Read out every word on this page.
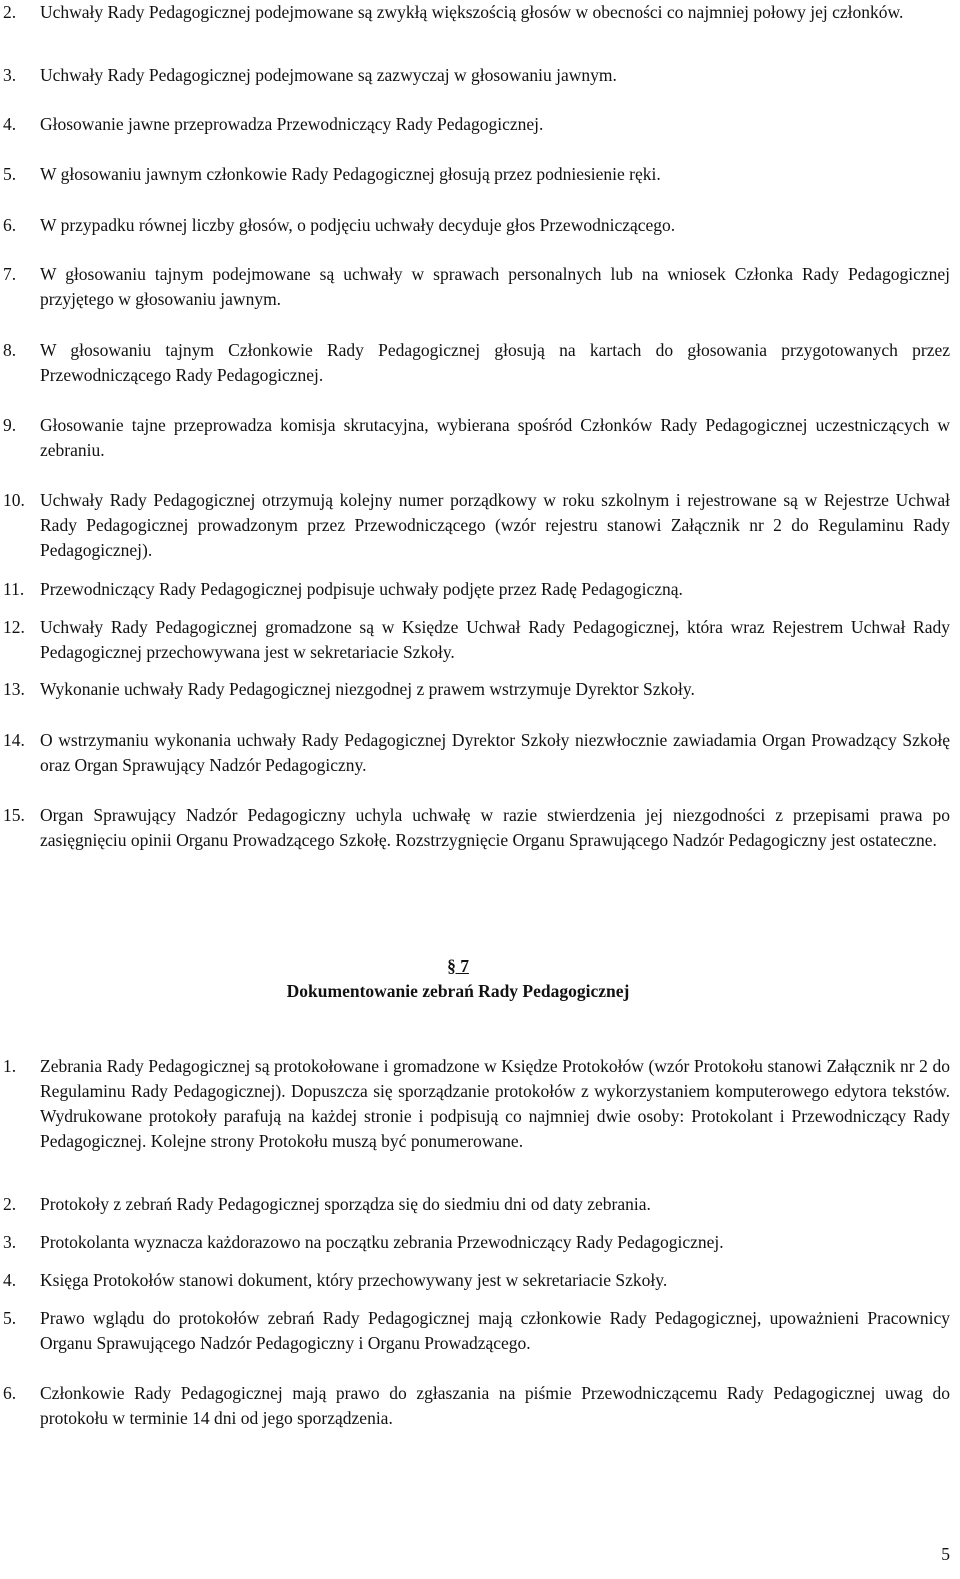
2. Uchwały Rady Pedagogicznej podejmowane są zwykłą większością głosów w obecności co najmniej połowy jej członków.
3. Uchwały Rady Pedagogicznej podejmowane są zazwyczaj w głosowaniu jawnym.
4. Głosowanie jawne przeprowadza Przewodniczący Rady Pedagogicznej.
5. W głosowaniu jawnym członkowie Rady Pedagogicznej głosują przez podniesienie ręki.
6. W przypadku równej liczby głosów, o podjęciu uchwały decyduje głos Przewodniczącego.
7. W głosowaniu tajnym podejmowane są uchwały w sprawach personalnych lub na wniosek Członka Rady Pedagogicznej przyjętego w głosowaniu jawnym.
8. W głosowaniu tajnym Członkowie Rady Pedagogicznej głosują na kartach do głosowania przygotowanych przez Przewodniczącego Rady Pedagogicznej.
9. Głosowanie tajne przeprowadza komisja skrutacyjna, wybierana spośród Członków Rady Pedagogicznej uczestniczących w zebraniu.
10. Uchwały Rady Pedagogicznej otrzymują kolejny numer porządkowy w roku szkolnym i rejestrowane są w Rejestrze Uchwał Rady Pedagogicznej prowadzonym przez Przewodniczącego (wzór rejestru stanowi Załącznik nr 2 do Regulaminu Rady Pedagogicznej).
11. Przewodniczący Rady Pedagogicznej podpisuje uchwały podjęte przez Radę Pedagogiczną.
12. Uchwały Rady Pedagogicznej gromadzone są w Księdze Uchwał Rady Pedagogicznej, która wraz Rejestrem Uchwał Rady Pedagogicznej przechowywana jest w sekretariacie Szkoły.
13. Wykonanie uchwały Rady Pedagogicznej niezgodnej z prawem wstrzymuje Dyrektor Szkoły.
14. O wstrzymaniu wykonania uchwały Rady Pedagogicznej Dyrektor Szkoły niezwłocznie zawiadamia Organ Prowadzący Szkołę oraz Organ Sprawujący Nadzór Pedagogiczny.
15. Organ Sprawujący Nadzór Pedagogiczny uchyla uchwałę w razie stwierdzenia jej niezgodności z przepisami prawa po zasięgnięciu opinii Organu Prowadzącego Szkołę. Rozstrzygnięcie Organu Sprawującego Nadzór Pedagogiczny jest ostateczne.
§ 7
Dokumentowanie zebrań Rady Pedagogicznej
1. Zebrania Rady Pedagogicznej są protokołowane i gromadzone w Księdze Protokołów (wzór Protokołu stanowi Załącznik nr 2 do Regulaminu Rady Pedagogicznej). Dopuszcza się sporządzanie protokołów z wykorzystaniem komputerowego edytora tekstów. Wydrukowane protokoły parafują na każdej stronie i podpisują co najmniej dwie osoby: Protokolant i Przewodniczący Rady Pedagogicznej. Kolejne strony Protokołu muszą być ponumerowane.
2. Protokoły z zebrań Rady Pedagogicznej sporządza się do siedmiu dni od daty zebrania.
3. Protokolanta wyznacza każdorazowo na początku zebrania Przewodniczący Rady Pedagogicznej.
4. Księga Protokołów stanowi dokument, który przechowywany jest w sekretariacie Szkoły.
5. Prawo wglądu do protokołów zebrań Rady Pedagogicznej mają członkowie Rady Pedagogicznej, upoważnieni Pracownicy Organu Sprawującego Nadzór Pedagogiczny i Organu Prowadzącego.
6. Członkowie Rady Pedagogicznej mają prawo do zgłaszania na piśmie Przewodniczącemu Rady Pedagogicznej uwag do protokołu w terminie 14 dni od jego sporządzenia.
5
